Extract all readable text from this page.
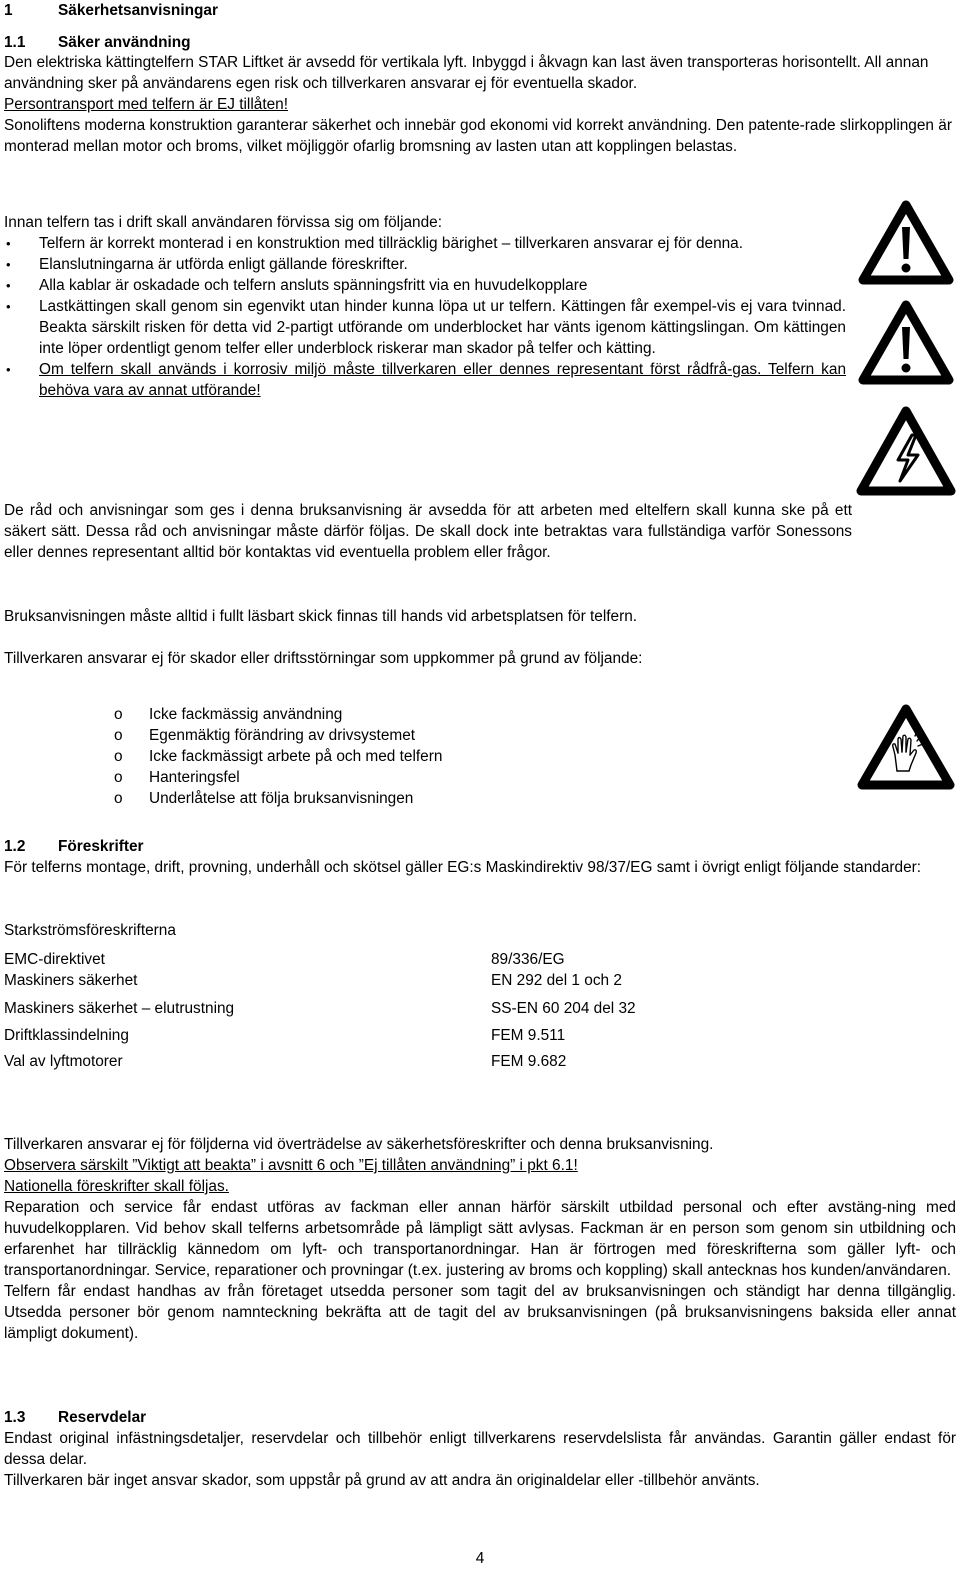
1	Säkerhetsanvisningar
1.1 Säker användning

Den elektriska kättingtelfern STAR Liftket är avsedd för vertikala lyft. Inbyggd i åkvagn kan last även transporteras horisontellt. All annan användning sker på användarens egen risk och tillverkaren ansvarar ej för eventuella skador.

Persontransport med telfern är EJ tillåten!

Sonoliftens moderna konstruktion garanterar säkerhet och innebär god ekonomi vid korrekt användning. Den patente-rade slirkopplingen är monterad mellan motor och broms, vilket möjliggör ofarlig bromsning av lasten utan att kopplingen belastas.

Innan telfern tas i drift skall användaren förvissa sig om följande:

• Telfern är korrekt monterad i en konstruktion med tillräcklig bärighet – tillverkaren ansvarar ej för denna.
• Elanslutningarna är utförda enligt gällande föreskrifter.
• Alla kablar är oskadade och telfern ansluts spänningsfritt via en huvudelkopplare
• Lastkättingen skall genom sin egenvikt utan hinder kunna löpa ut ur telfern. Kättingen får exempel-vis ej vara tvinnad. Beakta särskilt risken för detta vid 2-partigt utförande om underblocket har vänts igenom kättingslingan. Om kättingen inte löper ordentligt genom telfer eller underblock riskerar man skador på telfer och kätting.
• Om telfern skall används i korrosiv miljö måste tillverkaren eller dennes representant först rådfrå-gas. Telfern kan behöva vara av annat utförande!
De råd och anvisningar som ges i denna bruksanvisning är avsedda för att arbeten med eltelfern skall kunna ske på ett säkert sätt. Dessa råd och anvisningar måste därför följas. De skall dock inte betraktas vara fullständiga varför Sonessons eller dennes representant alltid bör kontaktas vid eventuella problem eller frågor.

Bruksanvisningen måste alltid i fullt läsbart skick finnas till hands vid arbetsplatsen för telfern.

Tillverkaren ansvarar ej för skador eller driftsstörningar som uppkommer på grund av följande:

o Icke fackmässig användning
o Egenmäktig förändring av drivsystemet
o Icke fackmässigt arbete på och med telfern
o Hanteringsfel
o Underlåtelse att följa bruksanvisningen
1.2 Föreskrifter
För telferns montage, drift, provning, underhåll och skötsel gäller EG:s Maskindirektiv 98/37/EG samt i övrigt enligt följande standarder:

Starkströmsföreskrifterna

EMC-direktivet	89/336/EG
Maskiners säkerhet	EN 292 del 1 och 2
Maskiners säkerhet – elutrustning	SS-EN 60 204 del 32
Driftklassindelning	FEM 9.511
Val av lyftmotorer	FEM 9.682

Tillverkaren ansvarar ej för följderna vid överträdelse av säkerhetsföreskrifter och denna bruksanvisning.

Observera särskilt ”Viktigt att beakta” i avsnitt 6 och ”Ej tillåten användning” i pkt 6.1!

Nationella föreskrifter skall följas.

Reparation och service får endast utföras av fackman eller annan härför särskilt utbildad personal och efter avstäng-ning med huvudelkopplaren. Vid behov skall telferns arbetsområde på lämpligt sätt avlysas. Fackman är en person som genom sin utbildning och erfarenhet har tillräcklig kännedom om lyft- och transportanordningar. Han är förtrogen med föreskrifterna som gäller lyft- och transportanordningar. Service, reparationer och provningar (t.ex. justering av broms och koppling) skall antecknas hos kunden/användaren.

Telfern får endast handhas av från företaget utsedda personer som tagit del av bruksanvisningen och ständigt har denna tillgänglig. Utsedda personer bör genom namnteckning bekräfta att de tagit del av bruksanvisningen (på bruksanvisningens baksida eller annat lämpligt dokument).

1.3 Reservdelar

Endast original infästningsdetaljer, reservdelar och tillbehör enligt tillverkarens reservdelslista får användas. Garantin gäller endast för dessa delar.

Tillverkaren bär inget ansvar skador, som uppstår på grund av att andra än originaldelar eller -tillbehör använts.

4
